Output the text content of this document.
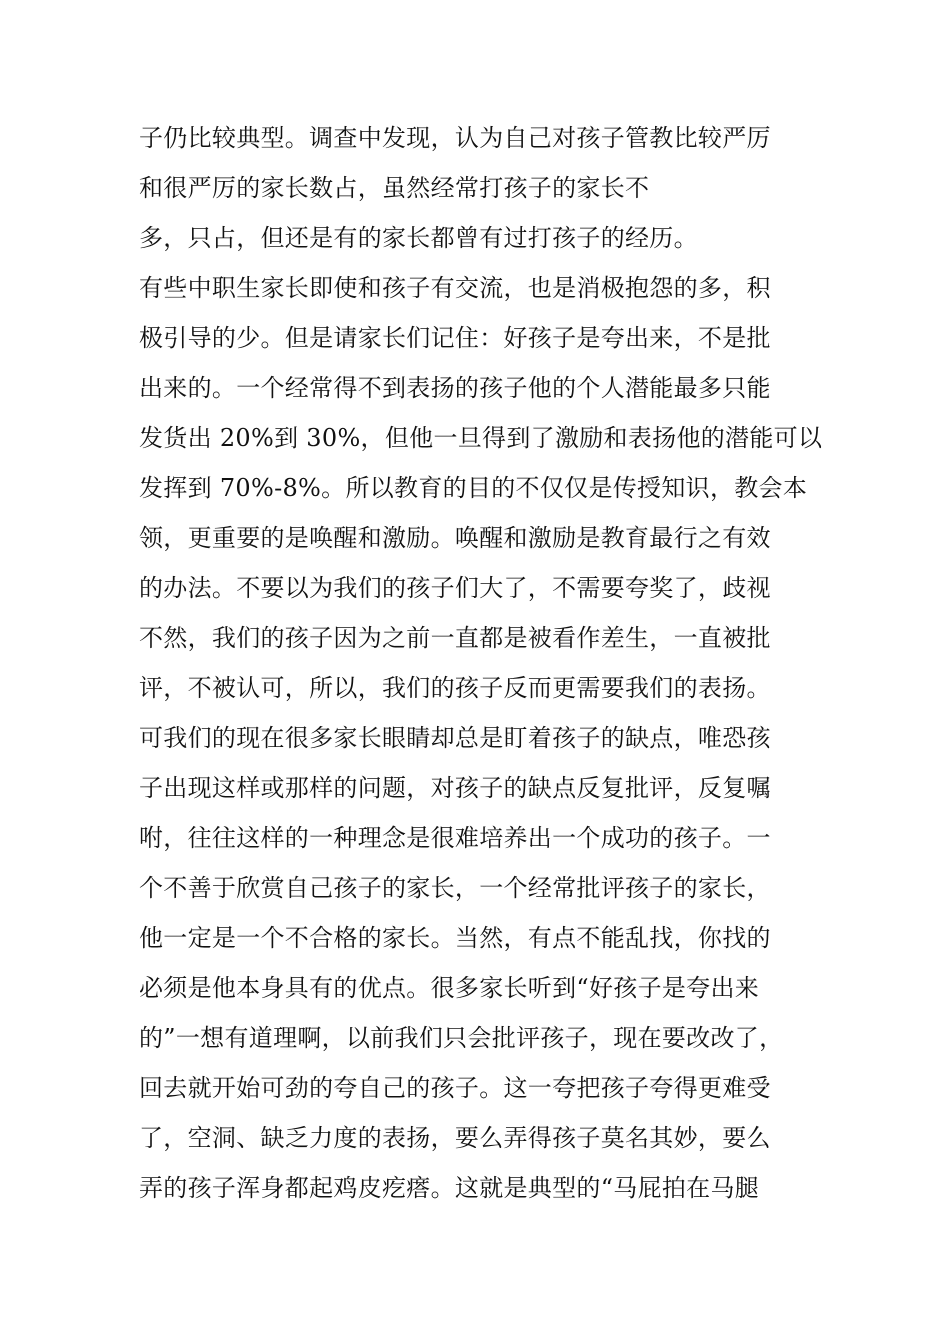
子仍比较典型。调查中发现，认为自己对孩子管教比较严厉
和很严厉的家长数占，虽然经常打孩子的家长不
多，只占，但还是有的家长都曾有过打孩子的经历。
有些中职生家长即使和孩子有交流，也是消极抱怨的多，积
极引导的少。但是请家长们记住：好孩子是夸出来，不是批
出来的。一个经常得不到表扬的孩子他的个人潜能最多只能
发货出 20%到 30%，但他一旦得到了激励和表扬他的潜能可以
发挥到 70%-8%。所以教育的目的不仅仅是传授知识，教会本
领，更重要的是唤醒和激励。唤醒和激励是教育最行之有效
的办法。不要以为我们的孩子们大了，不需要夸奖了，歧视
不然，我们的孩子因为之前一直都是被看作差生，一直被批
评，不被认可，所以，我们的孩子反而更需要我们的表扬。
可我们的现在很多家长眼睛却总是盯着孩子的缺点，唯恐孩
子出现这样或那样的问题，对孩子的缺点反复批评，反复嘱
咐，往往这样的一种理念是很难培养出一个成功的孩子。一
个不善于欣赏自己孩子的家长，一个经常批评孩子的家长，
他一定是一个不合格的家长。当然，有点不能乱找，你找的
必须是他本身具有的优点。很多家长听到“好孩子是夸出来
的”一想有道理啊，以前我们只会批评孩子，现在要改改了，
回去就开始可劲的夸自己的孩子。这一夸把孩子夸得更难受
了，空洞、缺乏力度的表扬，要么弄得孩子莫名其妙，要么
弄的孩子浑身都起鸡皮疙瘩。这就是典型的“马屁拍在马腿
